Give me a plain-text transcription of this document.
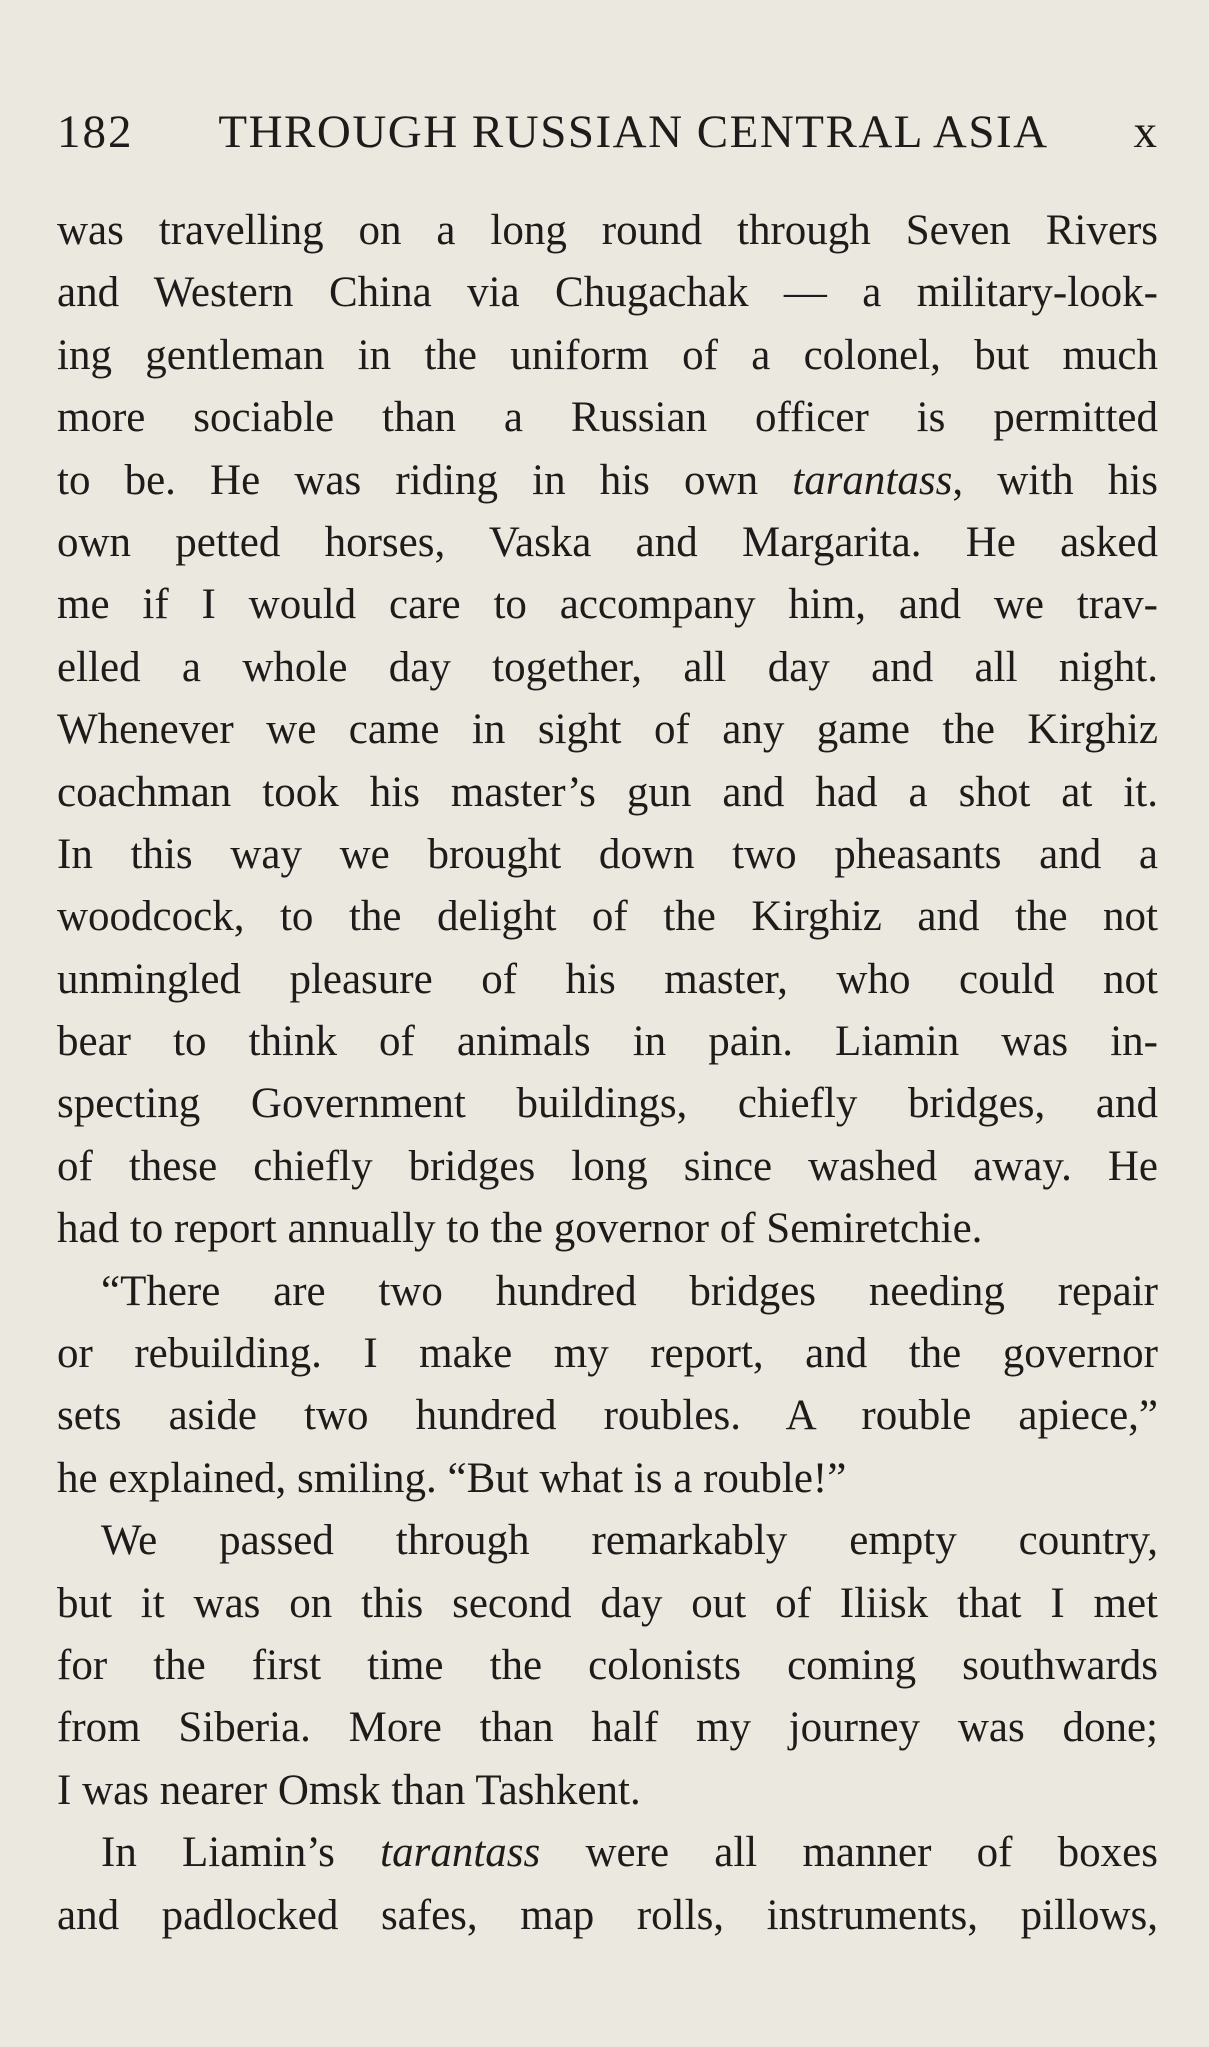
182 THROUGH RUSSIAN CENTRAL ASIA x
was travelling on a long round through Seven Rivers
and Western China via Chugachak — a military-look-
ing gentleman in the uniform of a colonel, but much
more sociable than a Russian officer is permitted
to be. He was riding in his own tarantass, with his
own petted horses, Vaska and Margarita. He asked
me if I would care to accompany him, and we trav-
elled a whole day together, all day and all night.
Whenever we came in sight of any game the Kirghiz
coachman took his master’s gun and had a shot at it.
In this way we brought down two pheasants and a
woodcock, to the delight of the Kirghiz and the not
unmingled pleasure of his master, who could not
bear to think of animals in pain. Liamin was in-
specting Government buildings, chiefly bridges, and
of these chiefly bridges long since washed away. He
had to report annually to the governor of Semiretchie.
“There are two hundred bridges needing repair
or rebuilding. I make my report, and the governor
sets aside two hundred roubles. A rouble apiece,”
he explained, smiling. “But what is a rouble!”
We passed through remarkably empty country,
but it was on this second day out of Iliisk that I met
for the first time the colonists coming southwards
from Siberia. More than half my journey was done;
I was nearer Omsk than Tashkent.
In Liamin’s tarantass were all manner of boxes
and padlocked safes, map rolls, instruments, pillows,
